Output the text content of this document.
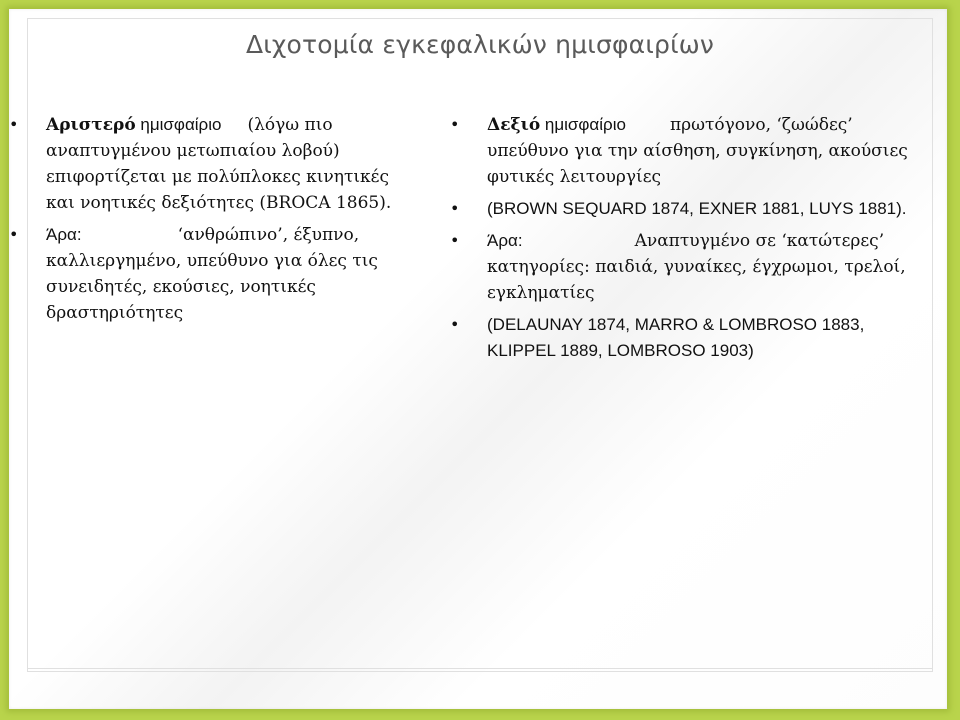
Διχοτομία εγκεφαλικών ημισφαιρίων
• Αριστερό ημισφαίριο (λόγω πιο αναπτυγμένου μετωπιαίου λοβού) επιφορτίζεται με πολύπλοκες κινητικές και νοητικές δεξιότητες (BROCA 1865).
• Άρα:	‘ανθρώπινο’, έξυπνο, καλλιεργημένο, υπεύθυνο για όλες τις συνειδητές, εκούσιες, νοητικές δραστηριότητες
• Δεξιό ημισφαίριο	πρωτόγονο, ‘ζωώδες’ υπεύθυνο για την αίσθηση, συγκίνηση, ακούσιες φυτικές λειτουργίες
• (BROWN SEQUARD 1874, EXNER 1881, LUYS 1881).
• Άρα:	Αναπτυγμένο σε ‘κατώτερες’ κατηγορίες: παιδιά, γυναίκες, έγχρωμοι, τρελοί, εγκληματίες
• (DELAUNAY 1874, MARRO & LOMBROSO 1883, KLIPPEL 1889, LOMBROSO 1903)
